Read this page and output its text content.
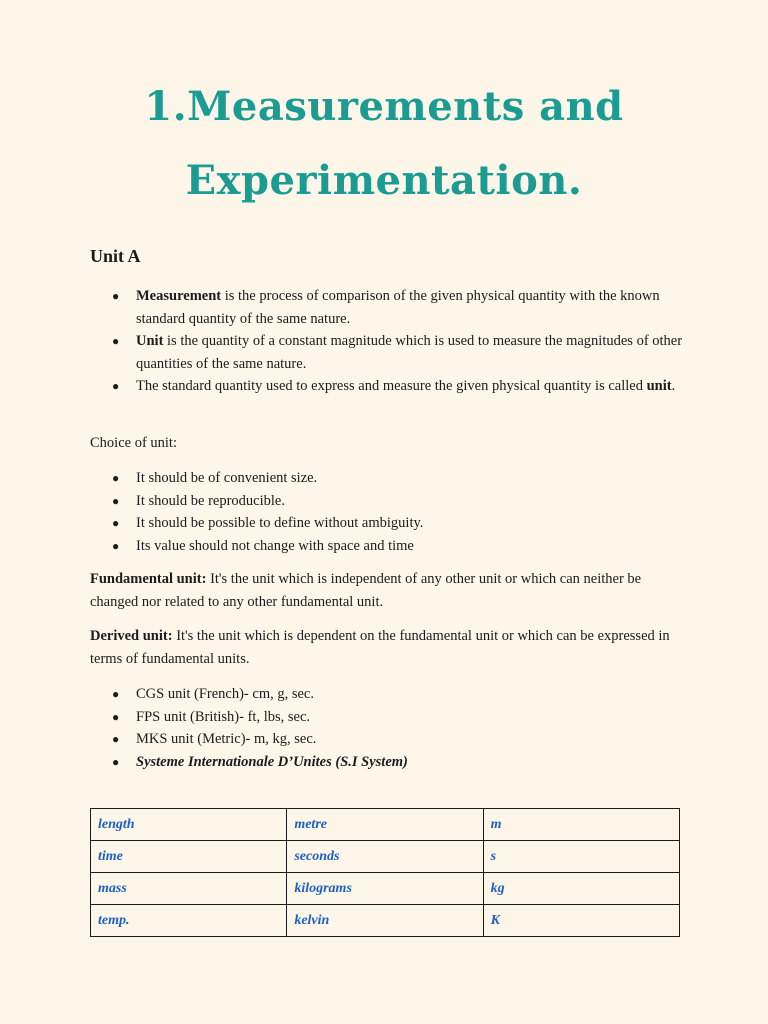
1.Measurements and
Experimentation.
Unit A
● Measurement is the process of comparison of the given physical quantity with the known standard quantity of the same nature.
● Unit is the quantity of a constant magnitude which is used to measure the magnitudes of other quantities of the same nature.
● The standard quantity used to express and measure the given physical quantity is called unit.

Choice of unit:

● It should be of convenient size.
● It should be reproducible.
● It should be possible to define without ambiguity.
● Its value should not change with space and time

Fundamental unit: It's the unit which is independent of any other unit or which can neither be changed nor related to any other fundamental unit.

Derived unit: It's the unit which is dependent on the fundamental unit or which can be expressed in terms of fundamental units.

● CGS unit (French)- cm, g, sec.
● FPS unit (British)- ft, lbs, sec.
● MKS unit (Metric)- m, kg, sec.
● Systeme Internationale D’Unites (S.I System)
length	metre	m
time	seconds	s
mass	kilograms	kg
temp.	kelvin	K
